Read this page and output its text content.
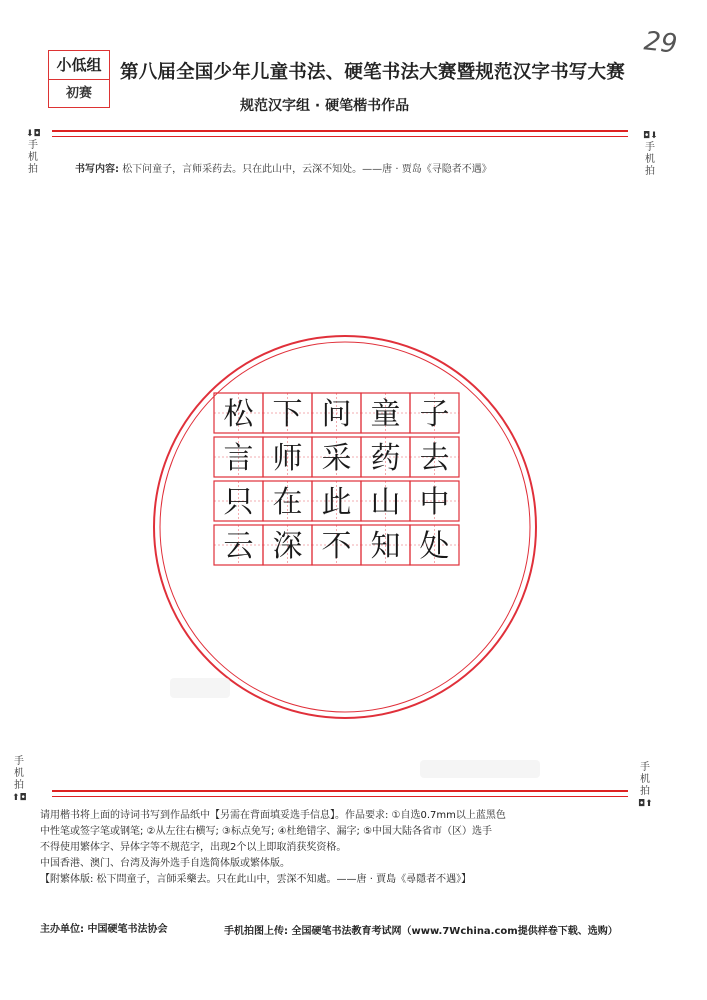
小低组
初赛
第八届全国少年儿童书法、硬笔书法大赛暨规范汉字书写大赛
规范汉字组 · 硬笔楷书作品
29
⬇◘
手
机
拍
◘⬇
手
机
拍
手
机
拍
⬆◘
手
机
拍
◘⬆
书写内容: 松下问童子，言师采药去。只在此山中，云深不知处。——唐 · 贾岛《寻隐者不遇》
松 下 问 童 子
言 师 采 药 去
只 在 此 山 中
云 深 不 知 处

请用楷书将上面的诗词书写到作品纸中【另需在背面填妥选手信息】。作品要求: ①自选0.7mm以上蓝黑色

中性笔或签字笔或钢笔; ②从左往右横写; ③标点免写; ④杜绝错字、漏字; ⑤中国大陆各省市（区）选手

不得使用繁体字、异体字等不规范字，出现2个以上即取消获奖资格。

中国香港、澳门、台湾及海外选手自选简体版或繁体版。

【附繁体版: 松下問童子，言師采藥去。只在此山中，雲深不知處。——唐 · 賈島《尋隱者不遇》】

主办单位: 中国硬笔书法协会	手机拍图上传: 全国硬笔书法教育考试网（www.7Wchina.com提供样卷下载、选购）
